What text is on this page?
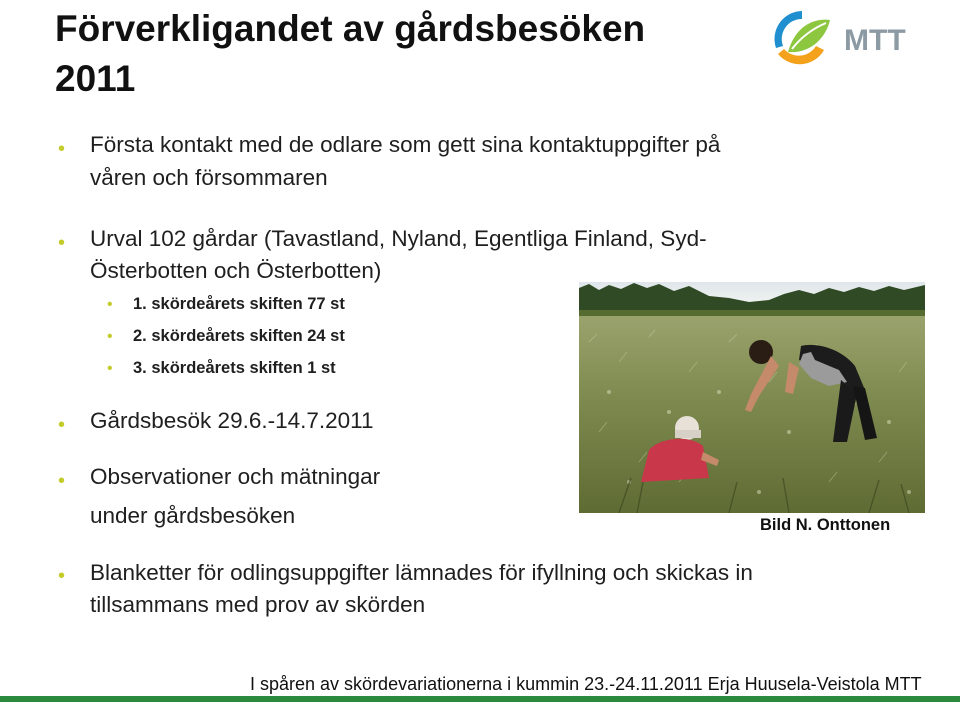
Förverkligandet av gårdsbesöken
2011
MTT
• Första kontakt med de odlare som gett sina kontaktuppgifter på

våren och försommaren

• Urval 102 gårdar (Tavastland, Nyland, Egentliga Finland, Syd-

Österbotten och Österbotten)

• 1. skördeårets skiften 77 st

• 2. skördeårets skiften 24 st

• 3. skördeårets skiften 1 st

• Gårdsbesök 29.6.-14.7.2011

• Observationer och mätningar

under gårdsbesöken	Bild N. Onttonen
• Blanketter för odlingsuppgifter lämnades för ifyllning och skickas in

tillsammans med prov av skörden

I spåren av skördevariationerna i kummin 23.-24.11.2011 Erja Huusela-Veistola MTT
